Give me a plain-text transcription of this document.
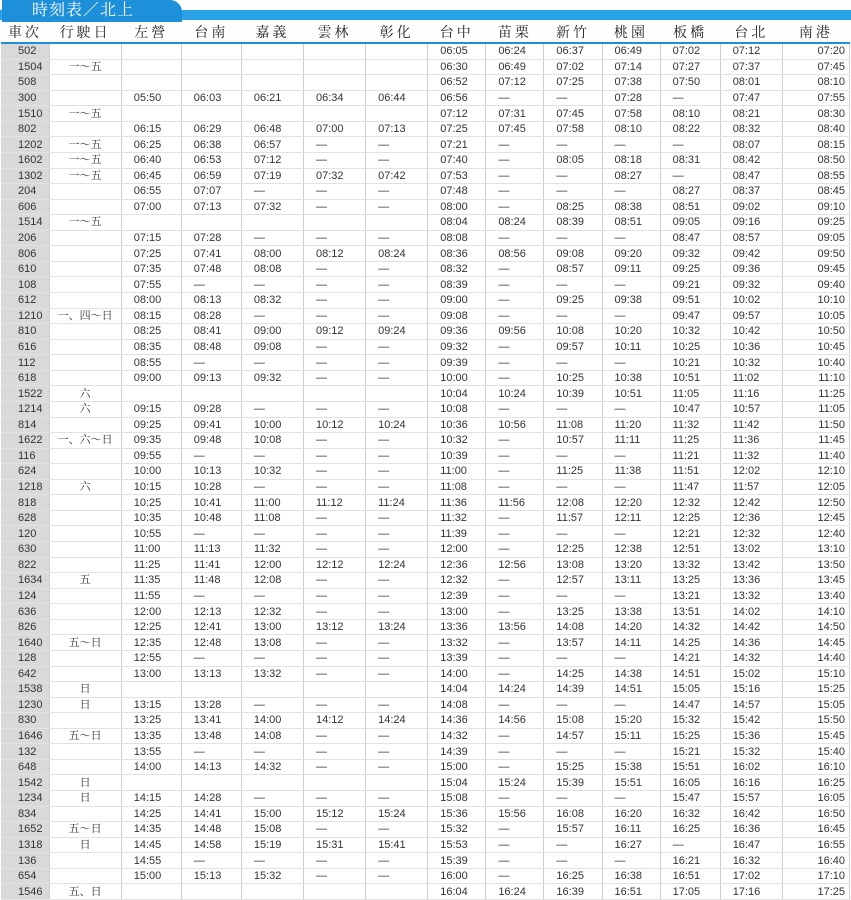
時刻表／北上
車次	行駛日	左營	台南	嘉義	雲林	彰化	台中	苗栗	新竹	桃園	板橋	台北	南港
502							06:05	06:24	06:37	06:49	07:02	07:12	07:20
1504	一～五						06:30	06:49	07:02	07:14	07:27	07:37	07:45
508							06:52	07:12	07:25	07:38	07:50	08:01	08:10
300		05:50	06:03	06:21	06:34	06:44	06:56	—	—	07:28	—	07:47	07:55
1510	一～五						07:12	07:31	07:45	07:58	08:10	08:21	08:30
802		06:15	06:29	06:48	07:00	07:13	07:25	07:45	07:58	08:10	08:22	08:32	08:40
1202	一～五	06:25	06:38	06:57	—	—	07:21	—	—	—	—	08:07	08:15
1602	一～五	06:40	06:53	07:12	—	—	07:40	—	08:05	08:18	08:31	08:42	08:50
1302	一～五	06:45	06:59	07:19	07:32	07:42	07:53	—	—	08:27	—	08:47	08:55
204		06:55	07:07	—	—	—	07:48	—	—	—	08:27	08:37	08:45
606		07:00	07:13	07:32	—	—	08:00	—	08:25	08:38	08:51	09:02	09:10
1514	一～五						08:04	08:24	08:39	08:51	09:05	09:16	09:25
206		07:15	07:28	—	—	—	08:08	—	—	—	08:47	08:57	09:05
806		07:25	07:41	08:00	08:12	08:24	08:36	08:56	09:08	09:20	09:32	09:42	09:50
610		07:35	07:48	08:08	—	—	08:32	—	08:57	09:11	09:25	09:36	09:45
108		07:55	—	—	—	—	08:39	—	—	—	09:21	09:32	09:40
612		08:00	08:13	08:32	—	—	09:00	—	09:25	09:38	09:51	10:02	10:10
1210	一、四～日	08:15	08:28	—	—	—	09:08	—	—	—	09:47	09:57	10:05
810		08:25	08:41	09:00	09:12	09:24	09:36	09:56	10:08	10:20	10:32	10:42	10:50
616		08:35	08:48	09:08	—	—	09:32	—	09:57	10:11	10:25	10:36	10:45
112		08:55	—	—	—	—	09:39	—	—	—	10:21	10:32	10:40
618		09:00	09:13	09:32	—	—	10:00	—	10:25	10:38	10:51	11:02	11:10
1522	六						10:04	10:24	10:39	10:51	11:05	11:16	11:25
1214	六	09:15	09:28	—	—	—	10:08	—	—	—	10:47	10:57	11:05
814		09:25	09:41	10:00	10:12	10:24	10:36	10:56	11:08	11:20	11:32	11:42	11:50
1622	一、六～日	09:35	09:48	10:08	—	—	10:32	—	10:57	11:11	11:25	11:36	11:45
116		09:55	—	—	—	—	10:39	—	—	—	11:21	11:32	11:40
624		10:00	10:13	10:32	—	—	11:00	—	11:25	11:38	11:51	12:02	12:10
1218	六	10:15	10:28	—	—	—	11:08	—	—	—	11:47	11:57	12:05
818		10:25	10:41	11:00	11:12	11:24	11:36	11:56	12:08	12:20	12:32	12:42	12:50
628		10:35	10:48	11:08	—	—	11:32	—	11:57	12:11	12:25	12:36	12:45
120		10:55	—	—	—	—	11:39	—	—	—	12:21	12:32	12:40
630		11:00	11:13	11:32	—	—	12:00	—	12:25	12:38	12:51	13:02	13:10
822		11:25	11:41	12:00	12:12	12:24	12:36	12:56	13:08	13:20	13:32	13:42	13:50
1634	五	11:35	11:48	12:08	—	—	12:32	—	12:57	13:11	13:25	13:36	13:45
124		11:55	—	—	—	—	12:39	—	—	—	13:21	13:32	13:40
636		12:00	12:13	12:32	—	—	13:00	—	13:25	13:38	13:51	14:02	14:10
826		12:25	12:41	13:00	13:12	13:24	13:36	13:56	14:08	14:20	14:32	14:42	14:50
1640	五～日	12:35	12:48	13:08	—	—	13:32	—	13:57	14:11	14:25	14:36	14:45
128		12:55	—	—	—	—	13:39	—	—	—	14:21	14:32	14:40
642		13:00	13:13	13:32	—	—	14:00	—	14:25	14:38	14:51	15:02	15:10
1538	日						14:04	14:24	14:39	14:51	15:05	15:16	15:25
1230	日	13:15	13:28	—	—	—	14:08	—	—	—	14:47	14:57	15:05
830		13:25	13:41	14:00	14:12	14:24	14:36	14:56	15:08	15:20	15:32	15:42	15:50
1646	五～日	13:35	13:48	14:08	—	—	14:32	—	14:57	15:11	15:25	15:36	15:45
132		13:55	—	—	—	—	14:39	—	—	—	15:21	15:32	15:40
648		14:00	14:13	14:32	—	—	15:00	—	15:25	15:38	15:51	16:02	16:10
1542	日						15:04	15:24	15:39	15:51	16:05	16:16	16:25
1234	日	14:15	14:28	—	—	—	15:08	—	—	—	15:47	15:57	16:05
834		14:25	14:41	15:00	15:12	15:24	15:36	15:56	16:08	16:20	16:32	16:42	16:50
1652	五～日	14:35	14:48	15:08	—	—	15:32	—	15:57	16:11	16:25	16:36	16:45
1318	日	14:45	14:58	15:19	15:31	15:41	15:53	—	—	16:27	—	16:47	16:55
136		14:55	—	—	—	—	15:39	—	—	—	16:21	16:32	16:40
654		15:00	15:13	15:32	—	—	16:00	—	16:25	16:38	16:51	17:02	17:10
1546	五、日						16:04	16:24	16:39	16:51	17:05	17:16	17:25
